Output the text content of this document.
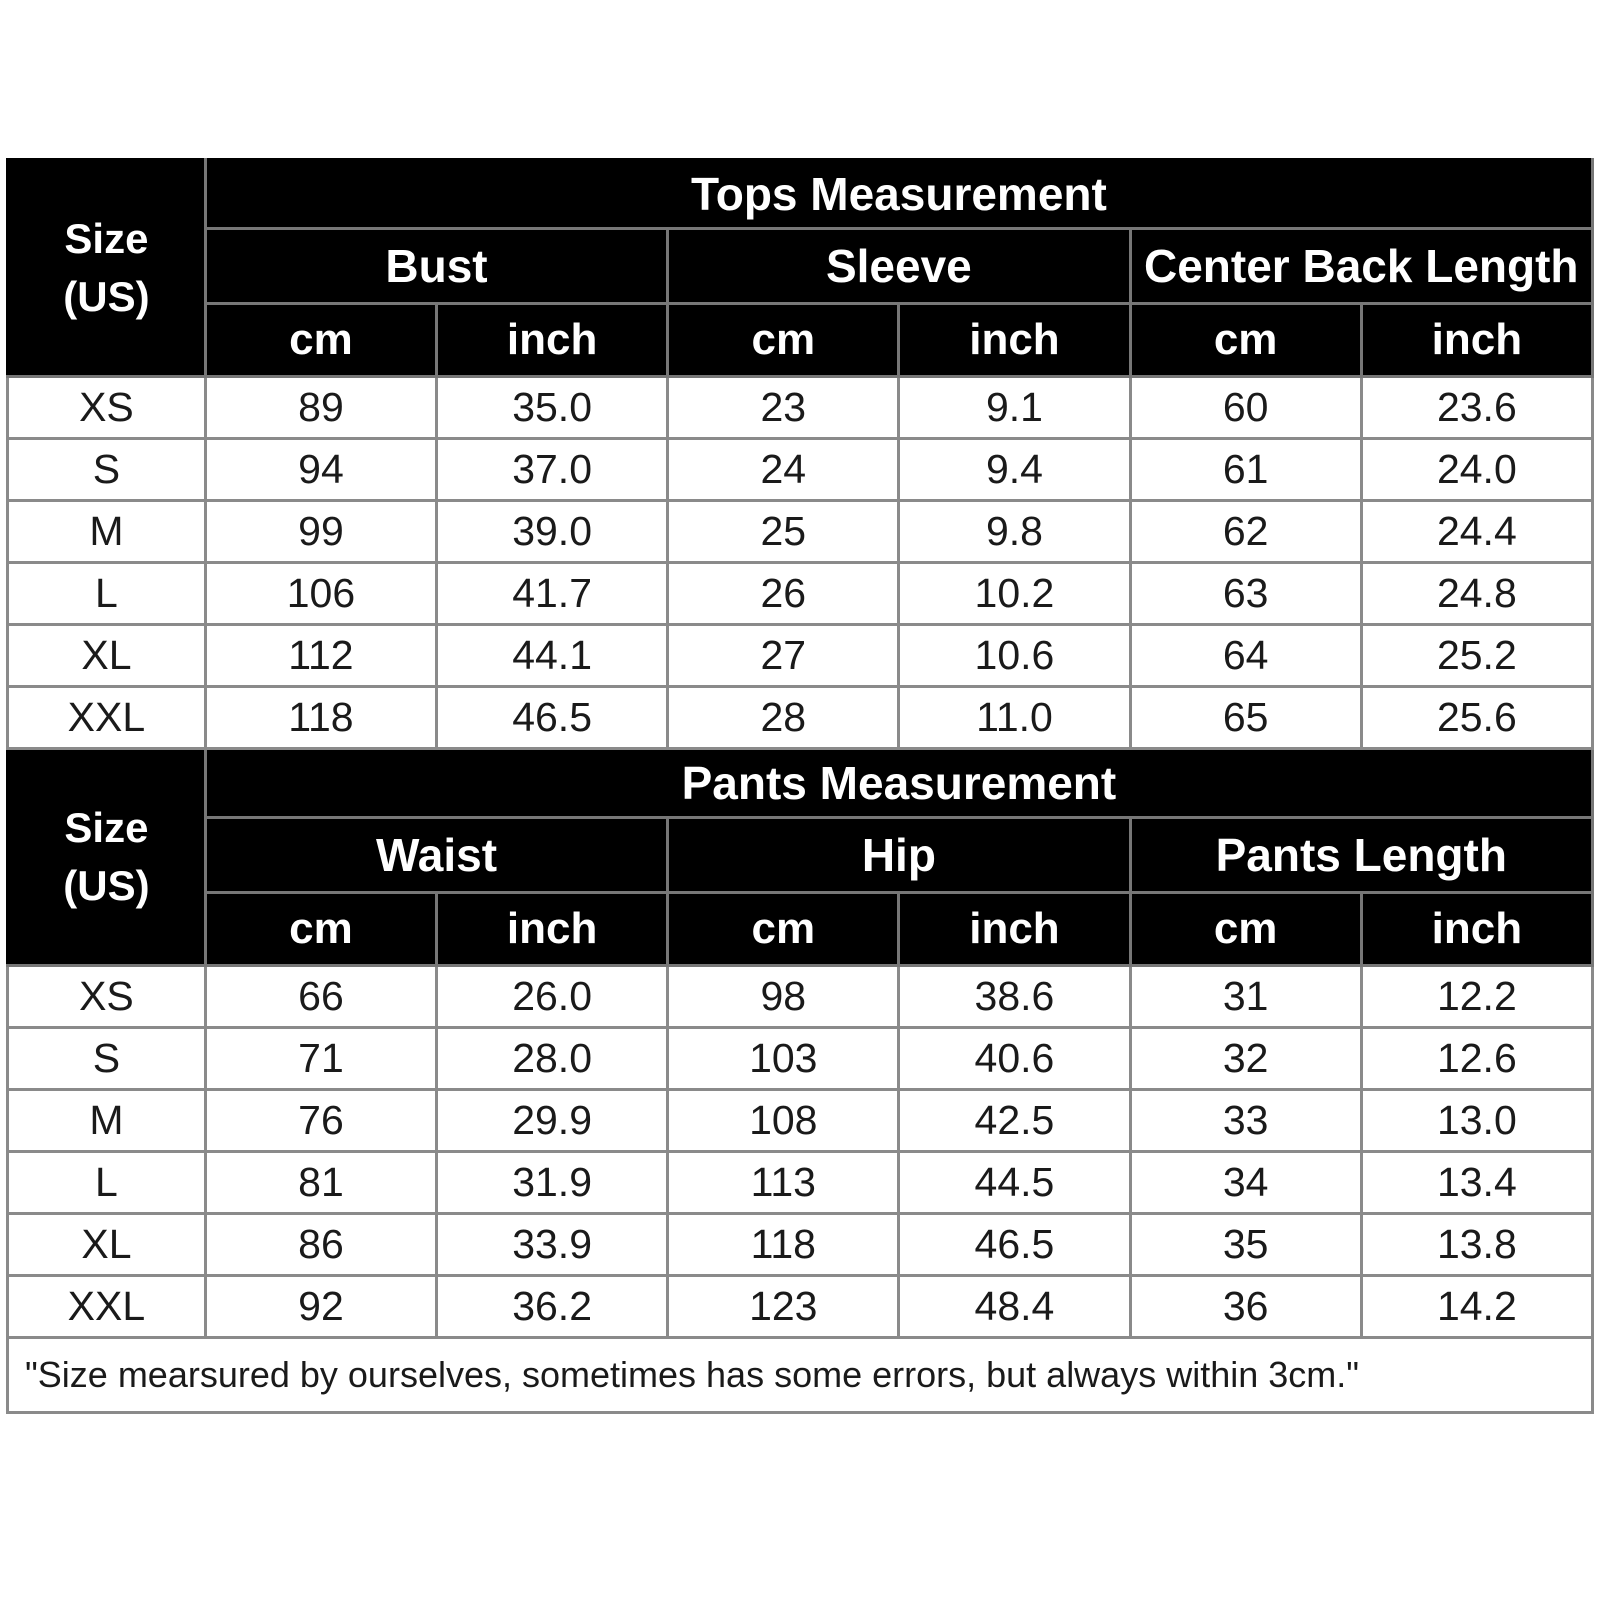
Size
(US)	Tops Measurement					
	Bust		Sleeve		Center Back Length	
	cm	inch	cm	inch	cm	inch
XS	89	35.0	23	9.1	60	23.6
S	94	37.0	24	9.4	61	24.0
M	99	39.0	25	9.8	62	24.4
L	106	41.7	26	10.2	63	24.8
XL	112	44.1	27	10.6	64	25.2
XXL	118	46.5	28	11.0	65	25.6

Size
(US)	Pants Measurement					
	Waist		Hip		Pants Length	
	cm	inch	cm	inch	cm	inch
XS	66	26.0	98	38.6	31	12.2
S	71	28.0	103	40.6	32	12.6
M	76	29.9	108	42.5	33	13.0
L	81	31.9	113	44.5	34	13.4
XL	86	33.9	118	46.5	35	13.8
XXL	92	36.2	123	48.4	36	14.2
"Size mearsured by ourselves, sometimes has some errors, but always within 3cm."						
